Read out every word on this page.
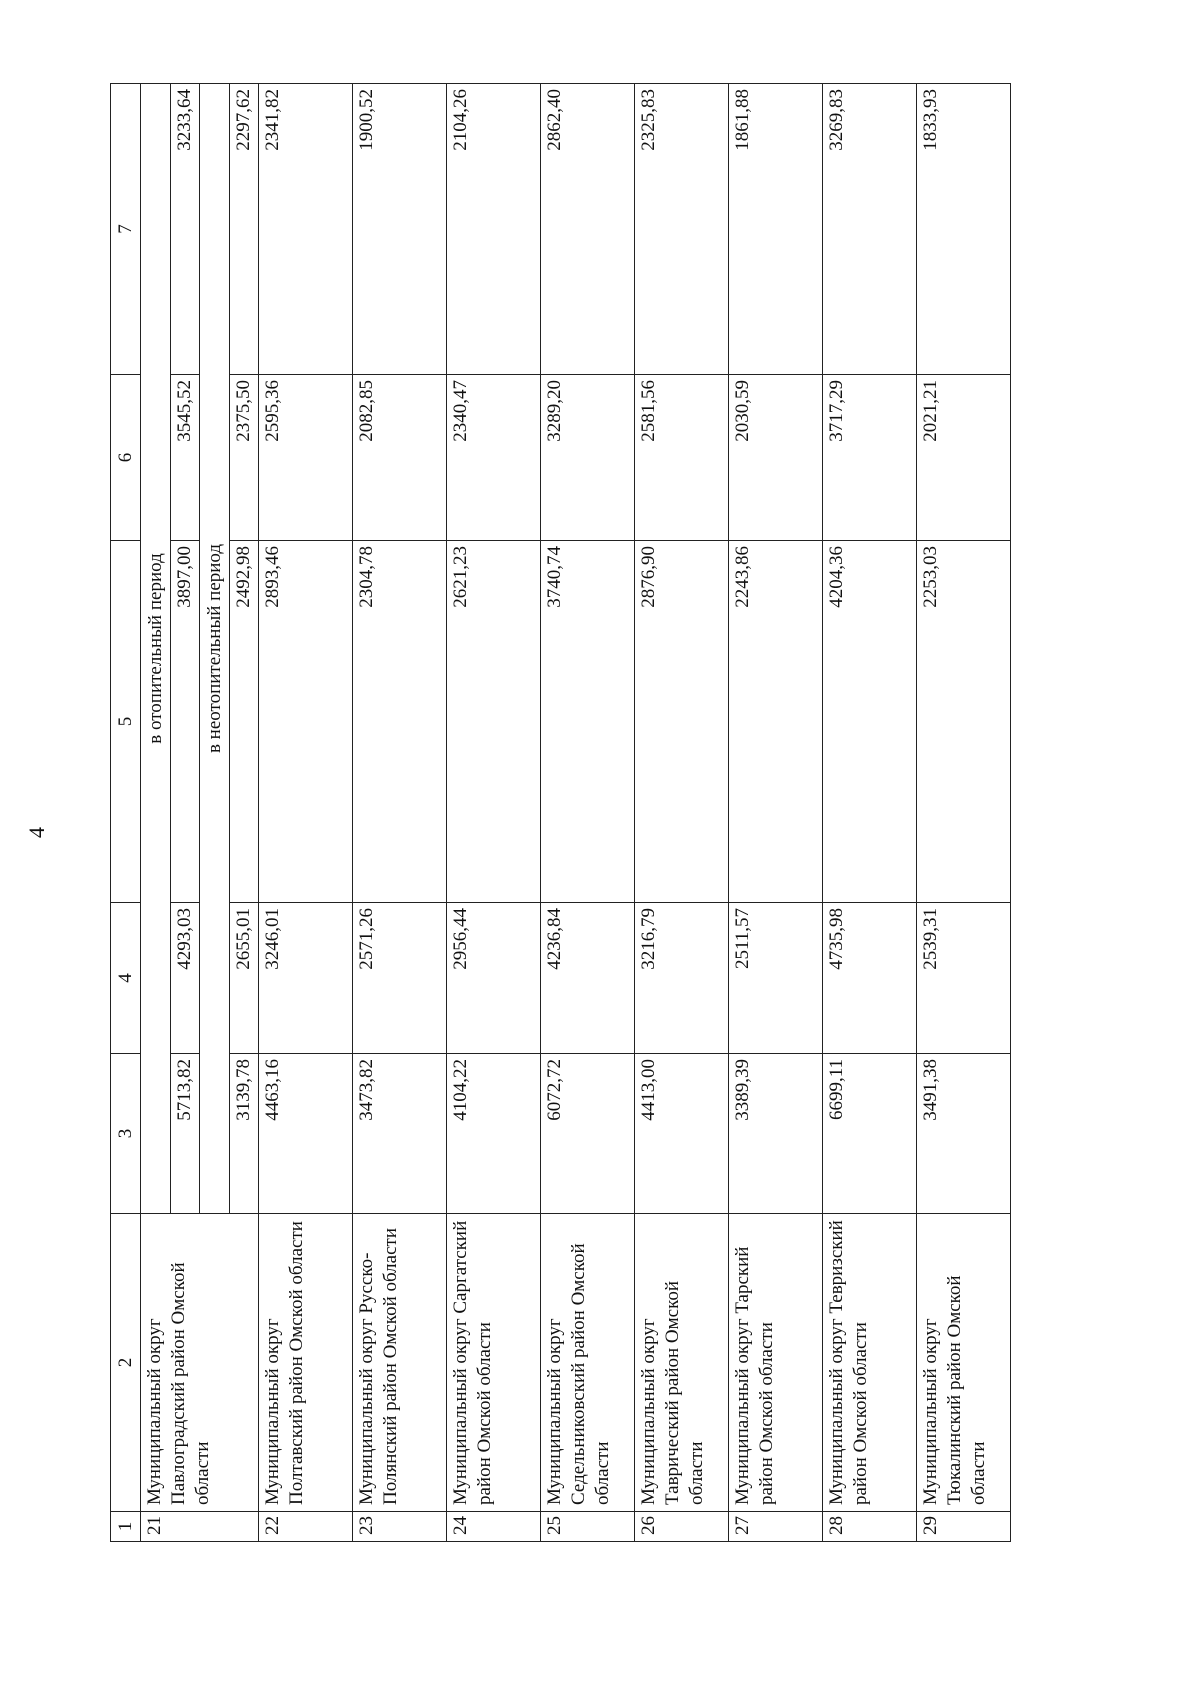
4
1	2	3	4	5	6	7
21	Муниципальный округ Павлоградский район Омской области	в отопительный период				
		5713,82	4293,03	3897,00	3545,52	3233,64
		в неотопительный период				
		3139,78	2655,01	2492,98	2375,50	2297,62
22	Муниципальный округ Полтавский район Омской области	4463,16	3246,01	2893,46	2595,36	2341,82
23	Муниципальный округ Русско-Полянский район Омской области	3473,82	2571,26	2304,78	2082,85	1900,52
24	Муниципальный округ Саргатский район Омской области	4104,22	2956,44	2621,23	2340,47	2104,26
25	Муниципальный округ Седельниковский район Омской области	6072,72	4236,84	3740,74	3289,20	2862,40
26	Муниципальный округ Таврический район Омской области	4413,00	3216,79	2876,90	2581,56	2325,83
27	Муниципальный округ Тарский район Омской области	3389,39	2511,57	2243,86	2030,59	1861,88
28	Муниципальный округ Тевризский район Омской области	6699,11	4735,98	4204,36	3717,29	3269,83
29	Муниципальный округ Тюкалинский район Омской области	3491,38	2539,31	2253,03	2021,21	1833,93
